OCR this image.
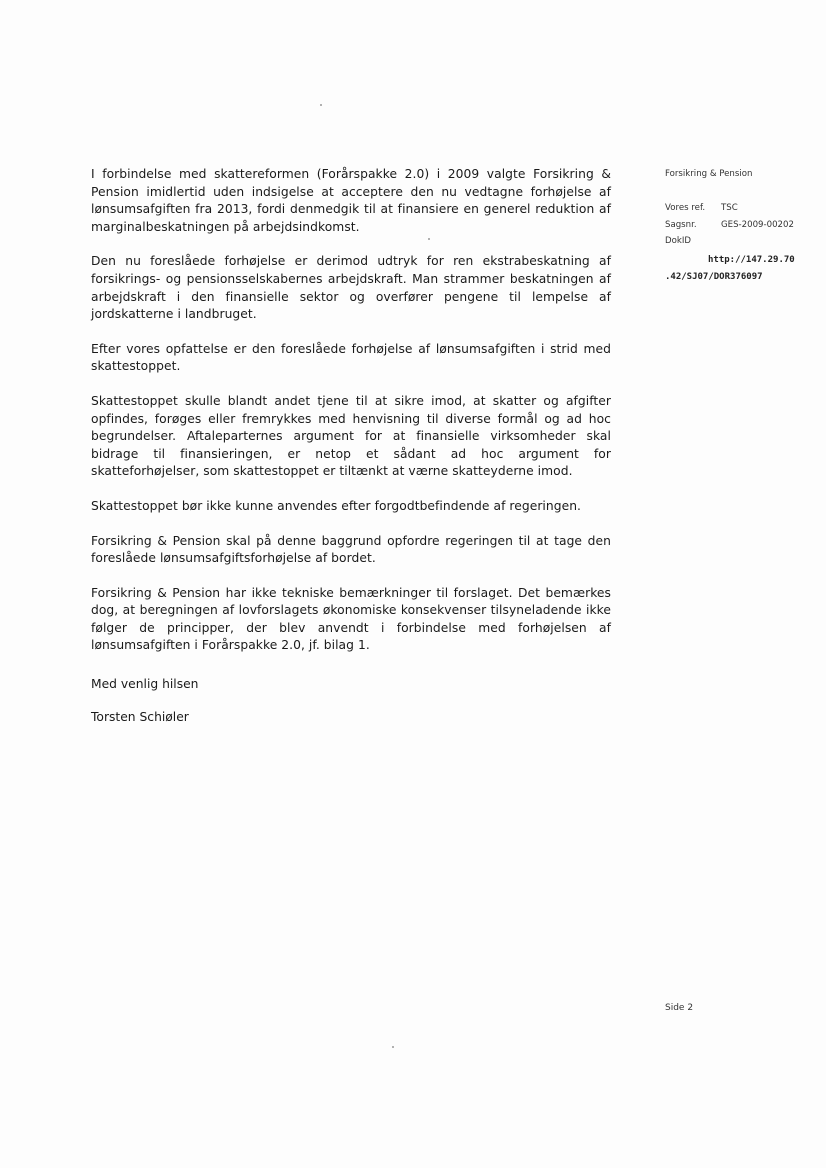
I forbindelse med skattereformen (Forårspakke 2.0) i 2009 valgte Forsikring & Pension imidlertid uden indsigelse at acceptere den nu vedtagne forhøjelse af lønsumsafgiften fra 2013, fordi denmedgik til at finansiere en generel reduktion af marginalbeskatningen på arbejdsindkomst.

Den nu foreslåede forhøjelse er derimod udtryk for ren ekstrabeskatning af forsikrings- og pensionsselskabernes arbejdskraft. Man strammer beskatningen af arbejdskraft i den finansielle sektor og overfører pengene til lempelse af jordskatterne i landbruget.

Efter vores opfattelse er den foreslåede forhøjelse af lønsumsafgiften i strid med skattestoppet.

Skattestoppet skulle blandt andet tjene til at sikre imod, at skatter og afgifter opfindes, forøges eller fremrykkes med henvisning til diverse formål og ad hoc begrundelser. Aftaleparternes argument for at finansielle virksomheder skal bidrage til finansieringen, er netop et sådant ad hoc argument for skatteforhøjelser, som skattestoppet er tiltænkt at værne skatteyderne imod.

Skattestoppet bør ikke kunne anvendes efter forgodtbefindende af regeringen.

Forsikring & Pension skal på denne baggrund opfordre regeringen til at tage den foreslåede lønsumsafgiftsforhøjelse af bordet.

Forsikring & Pension har ikke tekniske bemærkninger til forslaget. Det bemærkes dog, at beregningen af lovforslagets økonomiske konsekvenser tilsyneladende ikke følger de principper, der blev anvendt i forbindelse med forhøjelsen af lønsumsafgiften i Forårspakke 2.0, jf. bilag 1.

Med venlig hilsen
Torsten Schiøler
Forsikring & Pension
Vores ref.	TSC
Sagsnr.	GES-2009-00202
DokID
http://147.29.70
.42/SJ07/DOR376097
Side 2
